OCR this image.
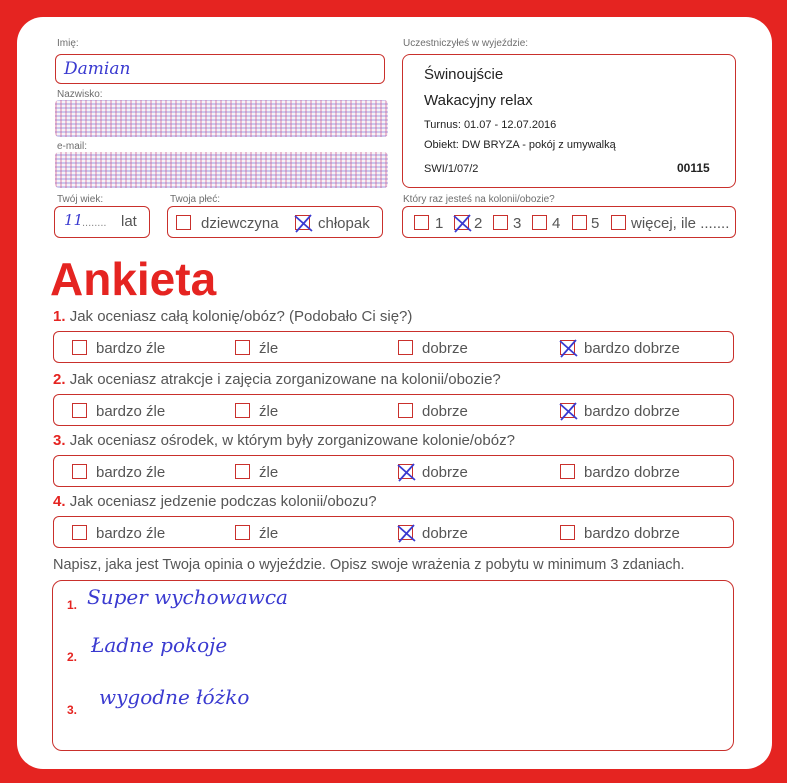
Imię:
Damian
Nazwisko:
e-mail:
Twój wiek:
11
........ lat
Twoja płeć:
dziewczyna	chłopak
Uczestniczyłeś w wyjeździe:
Świnoujście
Wakacyjny relax
Turnus: 01.07 - 12.07.2016
Obiekt: DW BRYZA - pokój z umywalką
SWI/1/07/2	00115
Który raz jesteś na kolonii/obozie?
1 2 3 4 5 więcej, ile .......
Ankieta
1. Jak oceniasz całą kolonię/obóz? (Podobało Ci się?)
bardzo źle	źle	dobrze	bardzo dobrze
2. Jak oceniasz atrakcje i zajęcia zorganizowane na kolonii/obozie?
bardzo źle	źle	dobrze	bardzo dobrze
3. Jak oceniasz ośrodek, w którym były zorganizowane kolonie/obóz?
bardzo źle	źle	dobrze	bardzo dobrze
4. Jak oceniasz jedzenie podczas kolonii/obozu?
bardzo źle	źle	dobrze	bardzo dobrze
Napisz, jaka jest Twoja opinia o wyjeździe. Opisz swoje wrażenia z pobytu w minimum 3 zdaniach.
1. Super wychowawca
2. Ładne pokoje
3.
wygodne łóżko
